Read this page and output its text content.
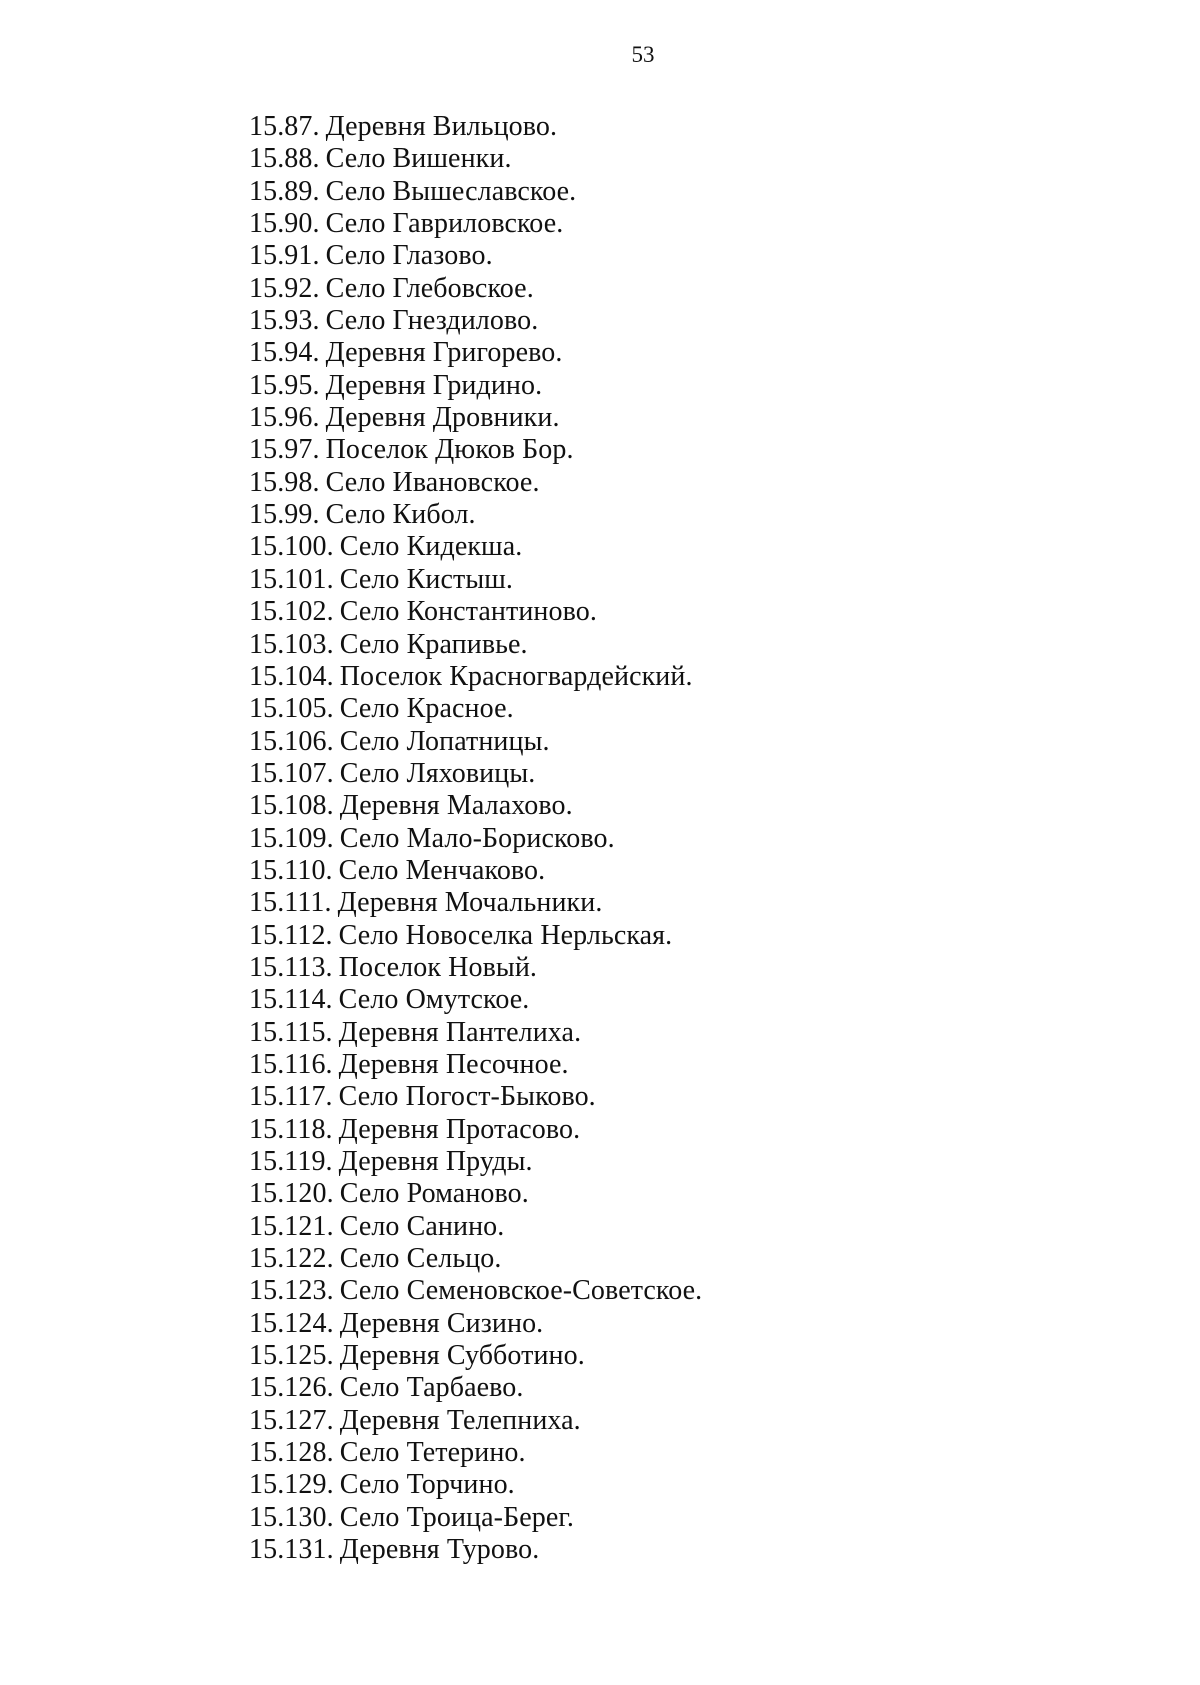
53
15.87. Деревня Вильцово.
15.88. Село Вишенки.
15.89. Село Вышеславское.
15.90. Село Гавриловское.
15.91. Село Глазово.
15.92. Село Глебовское.
15.93. Село Гнездилово.
15.94. Деревня Григорево.
15.95. Деревня Гридино.
15.96. Деревня Дровники.
15.97. Поселок Дюков Бор.
15.98. Село Ивановское.
15.99. Село Кибол.
15.100. Село Кидекша.
15.101. Село Кистыш.
15.102. Село Константиново.
15.103. Село Крапивье.
15.104. Поселок Красногвардейский.
15.105. Село Красное.
15.106. Село Лопатницы.
15.107. Село Ляховицы.
15.108. Деревня Малахово.
15.109. Село Мало-Борисково.
15.110. Село Менчаково.
15.111. Деревня Мочальники.
15.112. Село Новоселка Нерльская.
15.113. Поселок Новый.
15.114. Село Омутское.
15.115. Деревня Пантелиха.
15.116. Деревня Песочное.
15.117. Село Погост-Быково.
15.118. Деревня Протасово.
15.119. Деревня Пруды.
15.120. Село Романово.
15.121. Село Санино.
15.122. Село Сельцо.
15.123. Село Семеновское-Советское.
15.124. Деревня Сизино.
15.125. Деревня Субботино.
15.126. Село Тарбаево.
15.127. Деревня Телепниха.
15.128. Село Тетерино.
15.129. Село Торчино.
15.130. Село Троица-Берег.
15.131. Деревня Турово.
